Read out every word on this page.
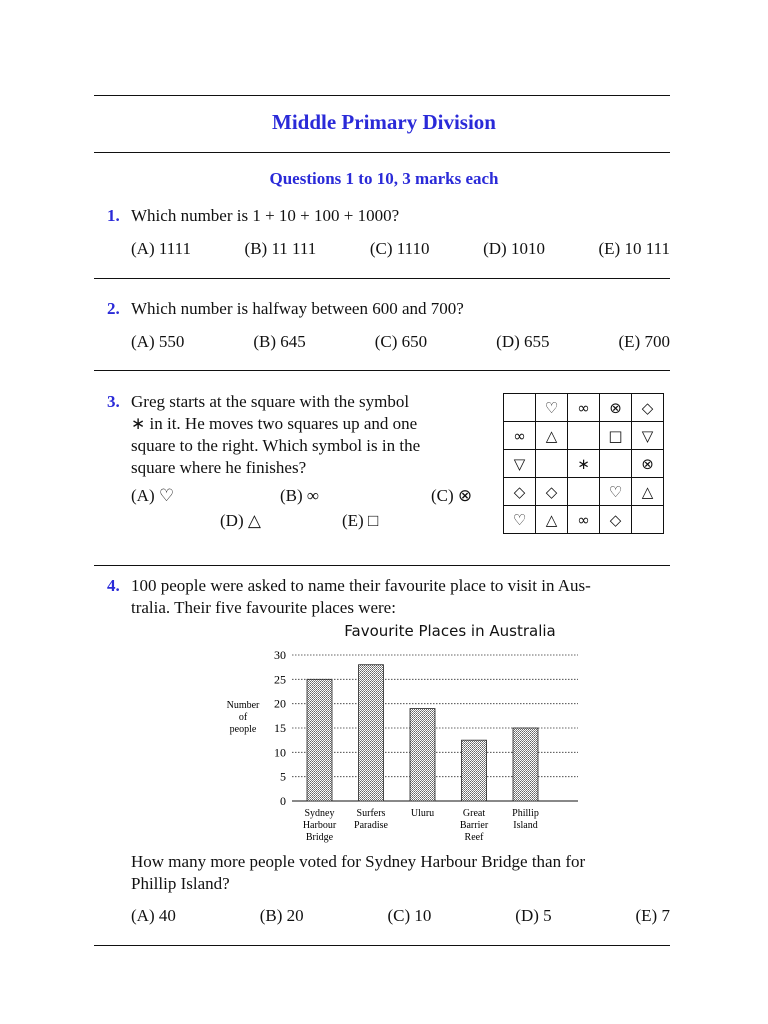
Middle Primary Division
Questions 1 to 10, 3 marks each
1. Which number is 1 + 10 + 100 + 1000?
(A) 1111	(B) 11 111	(C) 1110	(D) 1010	(E) 10 111
2. Which number is halfway between 600 and 700?
(A) 550	(B) 645	(C) 650	(D) 655	(E) 700
3. Greg starts at the square with the symbol
∗ in it. He moves two squares up and one
square to the right. Which symbol is in the
square where he finishes?
(A) ♡	(B) ∞	(C) ⊗
(D) △	(E) □
	♡	∞	⊗	◇
∞	△		□	▽
▽		∗		⊗
◇	◇		♡	△
♡	△	∞	◇	
4. 100 people were asked to name their favourite place to visit in Aus-
tralia. Their five favourite places were:
Favourite Places in Australia
0
5
10
15
20
25
30
Number
of
people
Sydney
Harbour
Bridge
Surfers
Paradise
Uluru	Great
Barrier
Reef
Phillip
Island
How many more people voted for Sydney Harbour Bridge than for
Phillip Island?
(A) 40	(B) 20	(C) 10	(D) 5	(E) 7
